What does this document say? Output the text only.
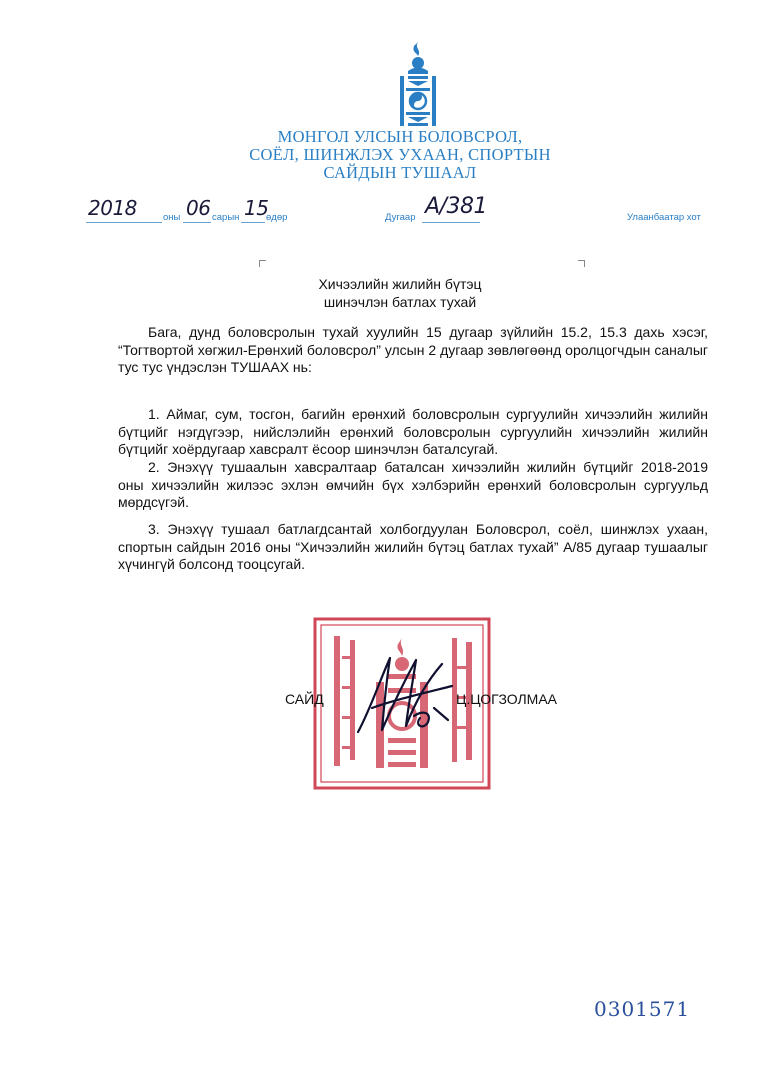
МОНГОЛ УЛСЫН БОЛОВСРОЛ,
СОЁЛ, ШИНЖЛЭХ УХААН, СПОРТЫН
САЙДЫН ТУШААЛ
2018	оны 06 сарын 15
өдөр	Дугаар А/381	Улаанбаатар хот
Хичээлийн жилийн бүтэц
шинэчлэн батлах тухай
Бага, дунд боловсролын тухай хуулийн 15 дугаар зүйлийн 15.2, 15.3 дахь хэсэг, “Тогтвортой хөгжил-Ерөнхий боловсрол” улсын 2 дугаар зөвлөгөөнд оролцогчдын саналыг тус тус үндэслэн ТУШААХ нь:
1. Аймаг, сум, тосгон, багийн ерөнхий боловсролын сургуулийн хичээлийн жилийн бүтцийг нэгдүгээр, нийслэлийн ерөнхий боловсролын сургуулийн хичээлийн жилийн бүтцийг хоёрдугаар хавсралт ёсоор шинэчлэн баталсугай.
2. Энэхүү тушаалын хавсралтаар баталсан хичээлийн жилийн бүтцийг 2018-2019 оны хичээлийн жилээс эхлэн өмчийн бүх хэлбэрийн ерөнхий боловсролын сургуульд мөрдсүгэй.
3. Энэхүү тушаал батлагдсантай холбогдуулан Боловсрол, соёл, шинжлэх ухаан, спортын сайдын 2016 оны “Хичээлийн жилийн бүтэц батлах тухай” А/85 дугаар тушаалыг хүчингүй болсонд тооцсугай.
САЙД	Ц.ЦОГЗОЛМАА
0301571
